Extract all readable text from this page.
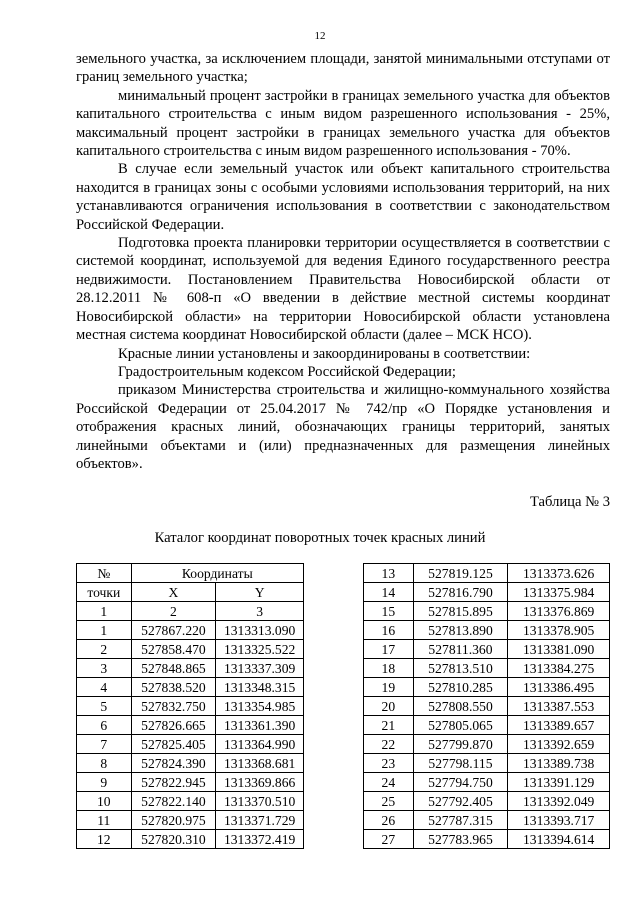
12

земельного участка, за исключением площади, занятой минимальными отступами от границ земельного участка;

минимальный процент застройки в границах земельного участка для объектов капитального строительства с иным видом разрешенного использования - 25%, максимальный процент застройки в границах земельного участка для объектов капитального строительства с иным видом разрешенного использования - 70%.

В случае если земельный участок или объект капитального строительства находится в границах зоны с особыми условиями использования территорий, на них устанавливаются ограничения использования в соответствии с законодательством Российской Федерации.

Подготовка проекта планировки территории осуществляется в соответствии с системой координат, используемой для ведения Единого государственного реестра недвижимости. Постановлением Правительства Новосибирской области от 28.12.2011 № 608-п «О введении в действие местной системы координат Новосибирской области» на территории Новосибирской области установлена местная система координат Новосибирской области (далее – МСК НСО).

Красные линии установлены и закоординированы в соответствии:

Градостроительным кодексом Российской Федерации;

приказом Министерства строительства и жилищно-коммунального хозяйства Российской Федерации от 25.04.2017 № 742/пр «О Порядке установления и отображения красных линий, обозначающих границы территорий, занятых линейными объектами и (или) предназначенных для размещения линейных объектов».

Таблица № 3
Каталог координат поворотных точек красных линий
№	Координаты	
точки	X	Y
1	2	3
1	527867.220	1313313.090
2	527858.470	1313325.522
3	527848.865	1313337.309
4	527838.520	1313348.315
5	527832.750	1313354.985
6	527826.665	1313361.390
7	527825.405	1313364.990
8	527824.390	1313368.681
9	527822.945	1313369.866
10	527822.140	1313370.510
11	527820.975	1313371.729
12	527820.310	1313372.419
13	527819.125	1313373.626
14	527816.790	1313375.984
15	527815.895	1313376.869
16	527813.890	1313378.905
17	527811.360	1313381.090
18	527813.510	1313384.275
19	527810.285	1313386.495
20	527808.550	1313387.553
21	527805.065	1313389.657
22	527799.870	1313392.659
23	527798.115	1313389.738
24	527794.750	1313391.129
25	527792.405	1313392.049
26	527787.315	1313393.717
27	527783.965	1313394.614
